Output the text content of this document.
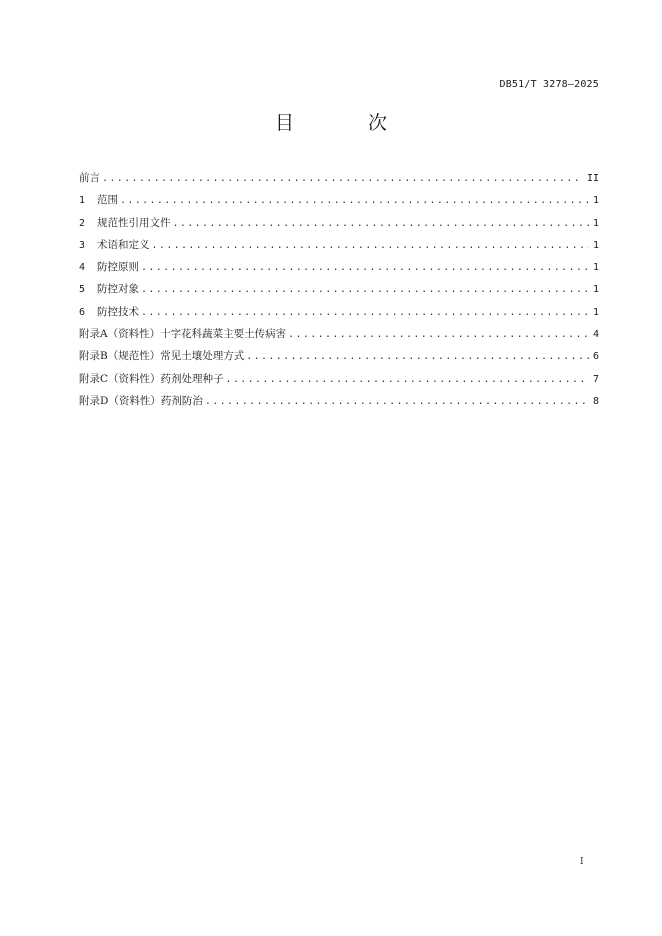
DB51/T 3278—2025
目 次
前言 .....	II
1	范围 .....	1
2	规范性引用文件 .....	1
3	术语和定义 .....	1
4	防控原则 .....	1
5	防控对象 .....	1
6	防控技术 .....	1
附录A（资料性） 十字花科蔬菜主要土传病害 .....	4
附录B（规范性） 常见土壤处理方式 .....	6
附录C（资料性） 药剂处理种子 .....	7
附录D（资料性） 药剂防治 .....	8
I
